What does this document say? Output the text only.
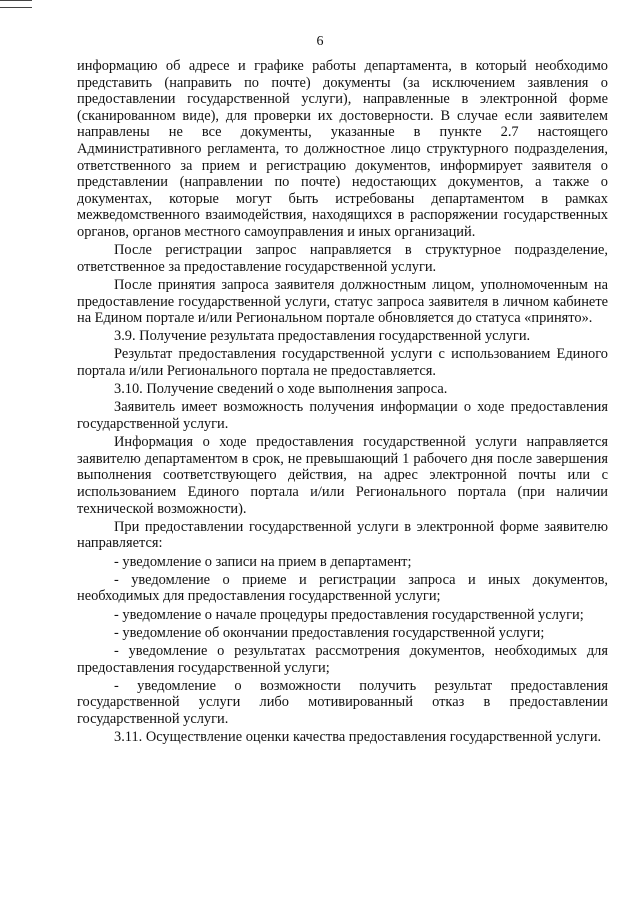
6

информацию об адресе и графике работы департамента, в который необходимо представить (направить по почте) документы (за исключением заявления о предоставлении государственной услуги), направленные в электронной форме (сканированном виде), для проверки их достоверности. В случае если заявителем направлены не все документы, указанные в пункте 2.7 настоящего Административного регламента, то должностное лицо структурного подразделения, ответственного за прием и регистрацию документов, информирует заявителя о представлении (направлении по почте) недостающих документов, а также о документах, которые могут быть истребованы департаментом в рамках межведомственного взаимодействия, находящихся в распоряжении государственных органов, органов местного самоуправления и иных организаций.

После регистрации запрос направляется в структурное подразделение, ответственное за предоставление государственной услуги.

После принятия запроса заявителя должностным лицом, уполномоченным на предоставление государственной услуги, статус запроса заявителя в личном кабинете на Едином портале и/или Региональном портале обновляется до статуса «принято».

3.9. Получение результата предоставления государственной услуги.

Результат предоставления государственной услуги с использованием Единого портала и/или Регионального портала не предоставляется.

3.10. Получение сведений о ходе выполнения запроса.

Заявитель имеет возможность получения информации о ходе предоставления государственной услуги.

Информация о ходе предоставления государственной услуги направляется заявителю департаментом в срок, не превышающий 1 рабочего дня после завершения выполнения соответствующего действия, на адрес электронной почты или с использованием Единого портала и/или Регионального портала (при наличии технической возможности).

При предоставлении государственной услуги в электронной форме заявителю направляется:

- уведомление о записи на прием в департамент;

- уведомление о приеме и регистрации запроса и иных документов, необходимых для предоставления государственной услуги;

- уведомление о начале процедуры предоставления государственной услуги;

- уведомление об окончании предоставления государственной услуги;

- уведомление о результатах рассмотрения документов, необходимых для предоставления государственной услуги;

- уведомление о возможности получить результат предоставления государственной услуги либо мотивированный отказ в предоставлении государственной услуги.

3.11. Осуществление оценки качества предоставления государственной услуги.
